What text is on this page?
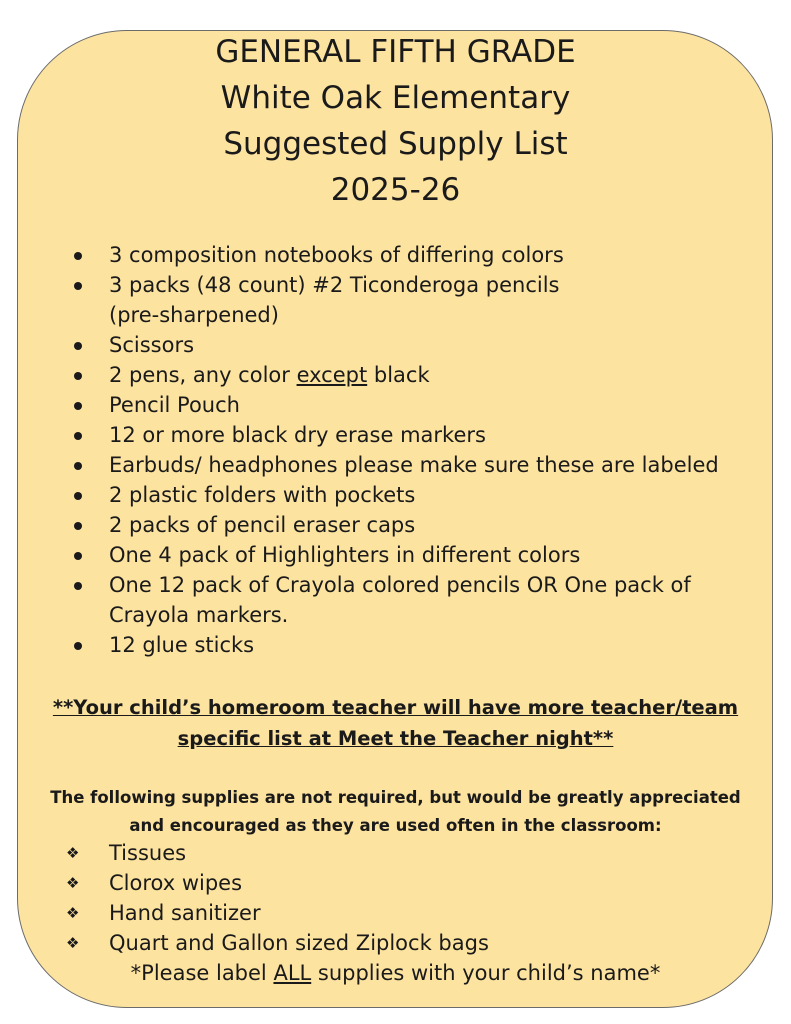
GENERAL FIFTH GRADE
White Oak Elementary
Suggested Supply List
2025-26
3 composition notebooks of differing colors
3 packs (48 count) #2 Ticonderoga pencils
(pre-sharpened)
Scissors
2 pens, any color except black
Pencil Pouch
12 or more black dry erase markers
Earbuds/ headphones please make sure these are labeled
2 plastic folders with pockets
2 packs of pencil eraser caps
One 4 pack of Highlighters in different colors
One 12 pack of Crayola colored pencils OR One pack of
Crayola markers.
12 glue sticks
**Your child’s homeroom teacher will have more teacher/team
specific list at Meet the Teacher night**
The following supplies are not required, but would be greatly appreciated
and encouraged as they are used often in the classroom:
❖ Tissues
❖ Clorox wipes
❖ Hand sanitizer
❖ Quart and Gallon sized Ziplock bags
*Please label ALL supplies with your child’s name*
